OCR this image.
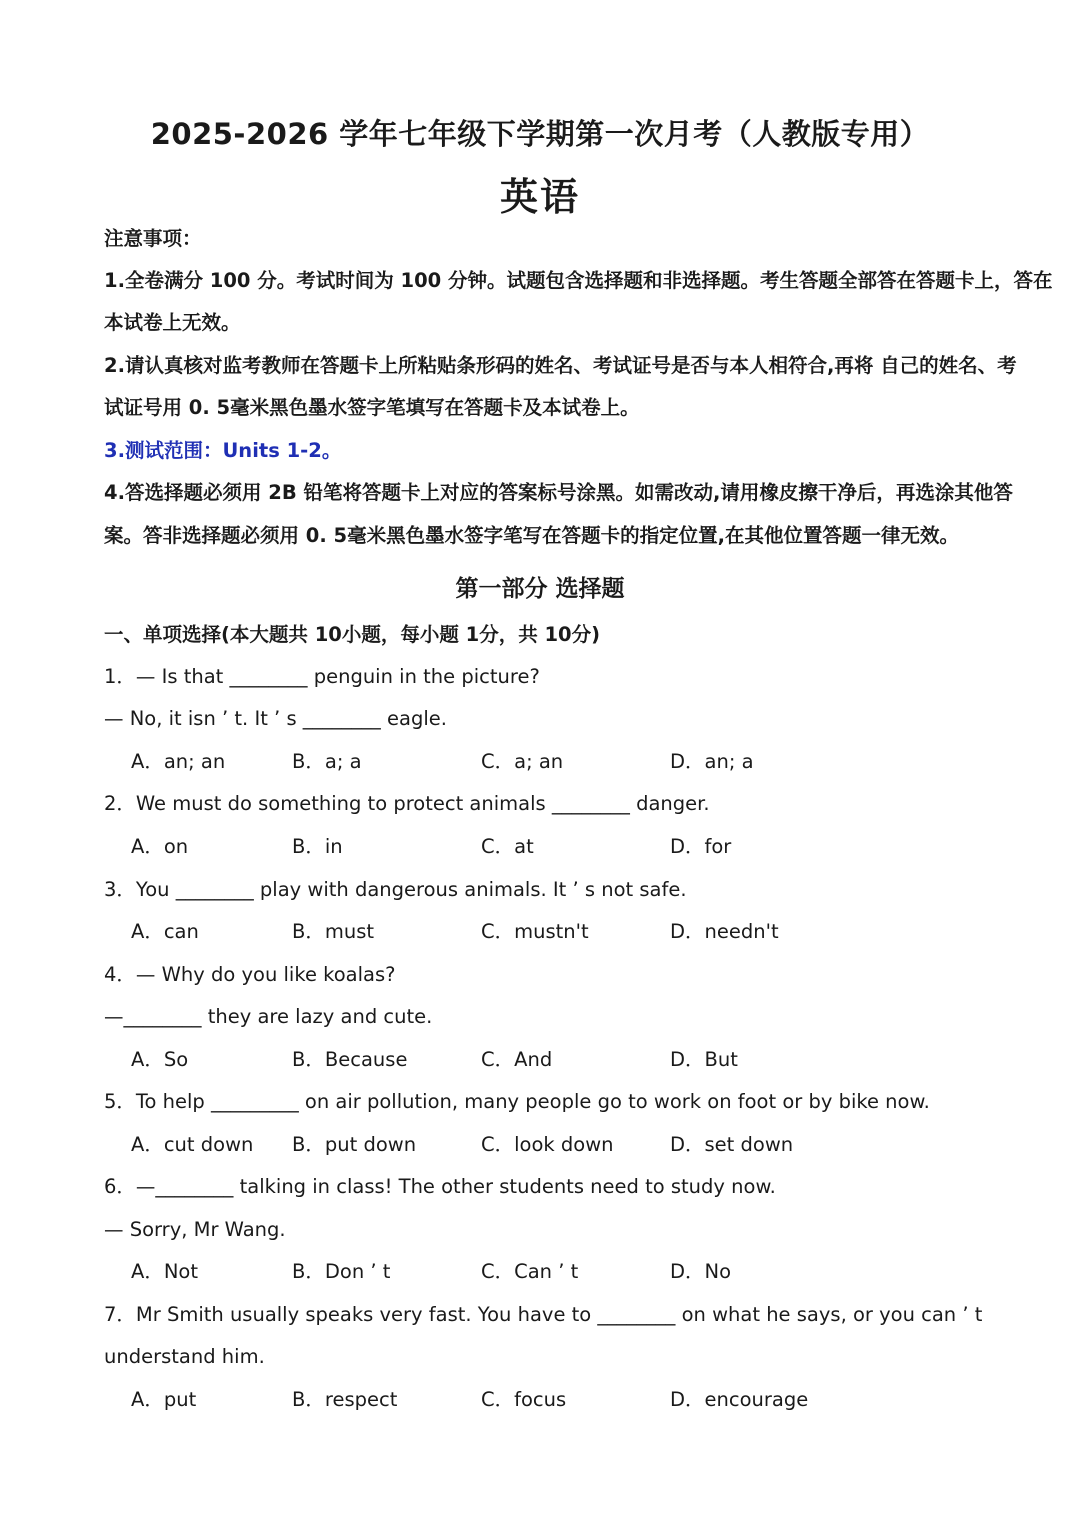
2025-2026 学年七年级下学期第一次月考（人教版专用）
英语
注意事项：
1.全卷满分 100 分。考试时间为 100 分钟。试题包含选择题和非选择题。考生答题全部答在答题卡上，答在
本试卷上无效。
2.请认真核对监考教师在答题卡上所粘贴条形码的姓名、考试证号是否与本人相符合,再将 自己的姓名、考
试证号用 0. 5毫米黑色墨水签字笔填写在答题卡及本试卷上。
3.测试范围：Units 1-2。
4.答选择题必须用 2B 铅笔将答题卡上对应的答案标号涂黑。如需改动,请用橡皮擦干净后，再选涂其他答
案。答非选择题必须用 0. 5毫米黑色墨水签字笔写在答题卡的指定位置,在其他位置答题一律无效。
第一部分 选择题
一、单项选择(本大题共 10小题，每小题 1分，共 10分)
1．— Is that ________ penguin in the picture?
— No, it isn ’ t. It ’ s ________ eagle.
A．an; an	B．a; a	C．a; an	D．an; a
2．We must do something to protect animals ________ danger.
A．on	B．in	C．at	D．for
3．You ________ play with dangerous animals. It ’ s not safe.
A．can	B．must	C．mustn't	D．needn't
4．— Why do you like koalas?
—________ they are lazy and cute.
A．So	B．Because	C．And	D．But
5．To help _________ on air pollution, many people go to work on foot or by bike now.
A．cut down B．put down	C．look down	D．set down
6．—________ talking in class! The other students need to study now.
— Sorry, Mr Wang.
A．Not	B．Don ’ t	C．Can ’ t	D．No
7．Mr Smith usually speaks very fast. You have to ________ on what he says, or you can ’ t
understand him.
A．put	B．respect	C．focus	D．encourage
